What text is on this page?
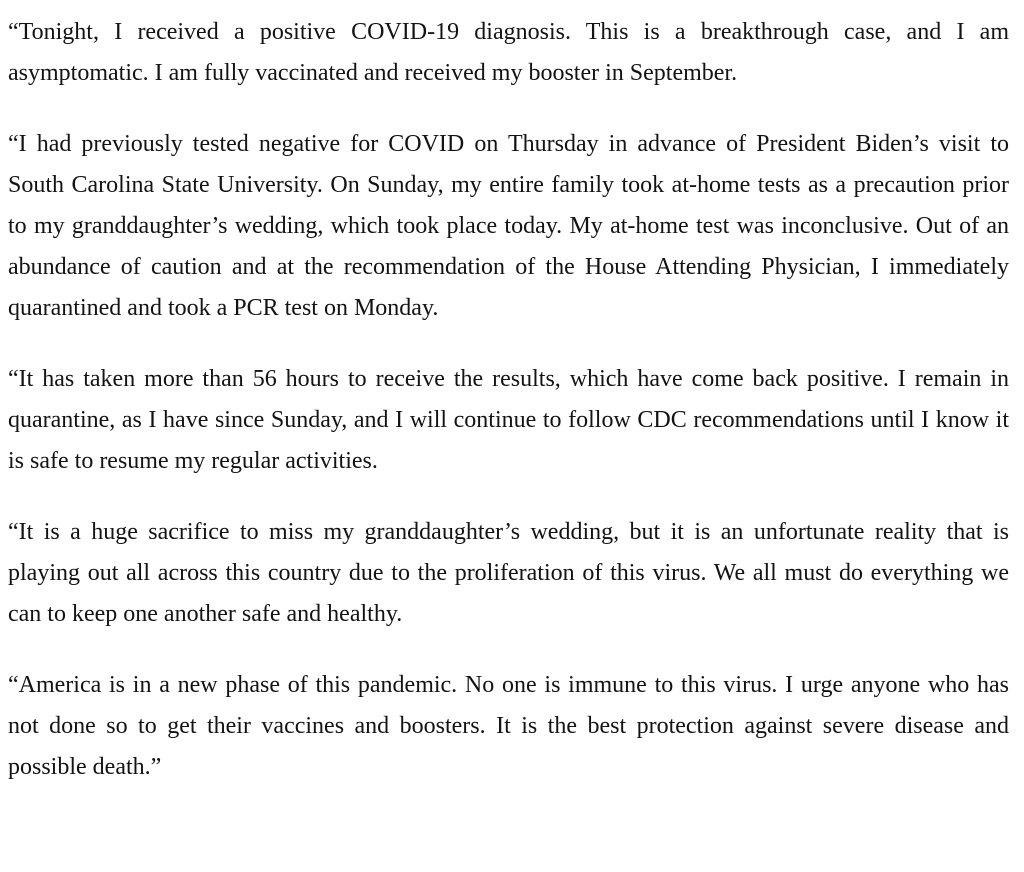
“Tonight, I received a positive COVID-19 diagnosis. This is a breakthrough case, and I am asymptomatic. I am fully vaccinated and received my booster in September.

“I had previously tested negative for COVID on Thursday in advance of President Biden’s visit to South Carolina State University. On Sunday, my entire family took at-home tests as a precaution prior to my granddaughter’s wedding, which took place today. My at-home test was inconclusive. Out of an abundance of caution and at the recommendation of the House Attending Physician, I immediately quarantined and took a PCR test on Monday.

“It has taken more than 56 hours to receive the results, which have come back positive. I remain in quarantine, as I have since Sunday, and I will continue to follow CDC recommendations until I know it is safe to resume my regular activities.

“It is a huge sacrifice to miss my granddaughter’s wedding, but it is an unfortunate reality that is playing out all across this country due to the proliferation of this virus. We all must do everything we can to keep one another safe and healthy.

“America is in a new phase of this pandemic. No one is immune to this virus. I urge anyone who has not done so to get their vaccines and boosters. It is the best protection against severe disease and possible death.”
